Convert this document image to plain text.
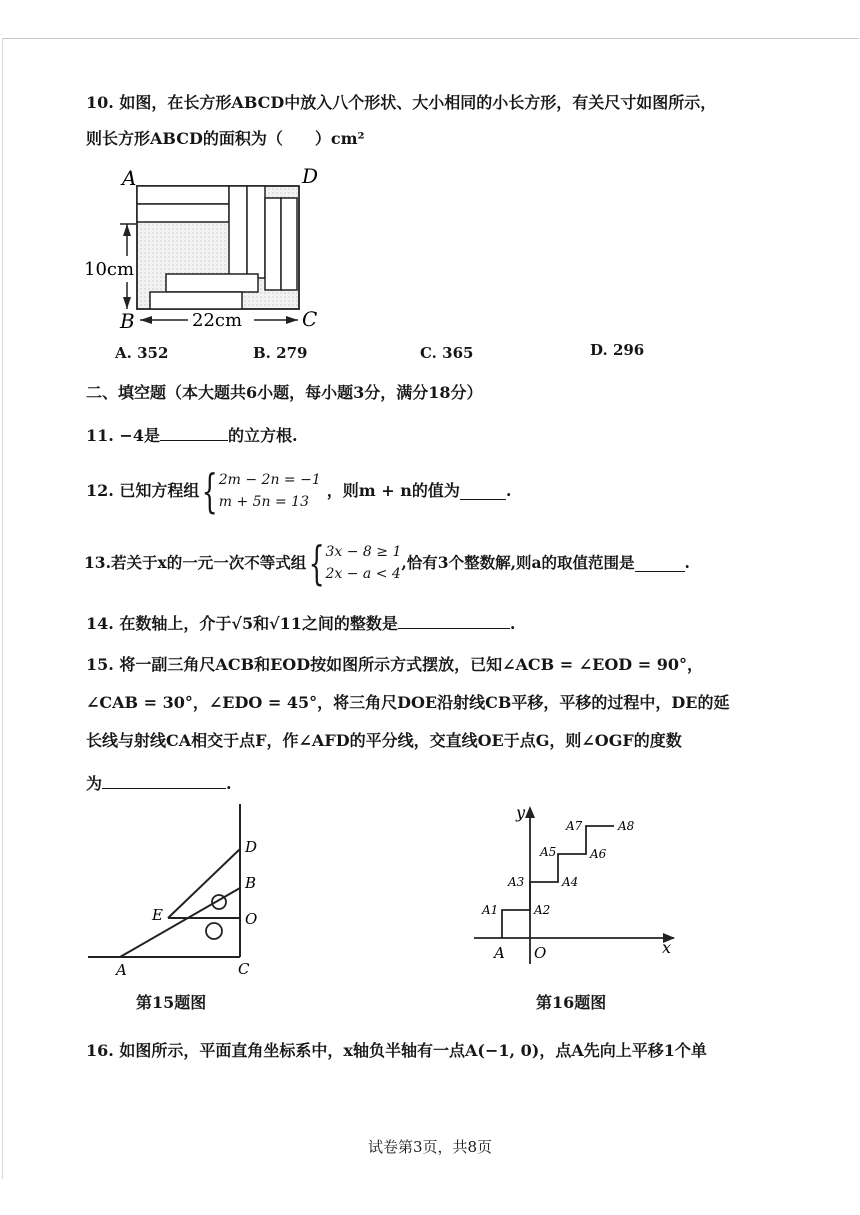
10. 如图，在长方形ABCD中放入八个形状、大小相同的小长方形，有关尺寸如图所示，
则长方形ABCD的面积为（　　）cm²
A	D
B	C
10cm
22cm
A. 352	B. 279	C. 365	D. 296
二、填空题（本大题共6小题，每小题3分，满分18分）
11. −4是	的立方根.
12. 已知方程组{ 2m − 2n = −1
m + 5n = 13
，则m + n的值为	.
13.若关于x的一元一次不等式组{ 3x − 8 ≥ 1
2x − a < 4
,恰有3个整数解,则a的取值范围是	.
14. 在数轴上，介于√5和√11之间的整数是	.
15. 将一副三角尺ACB和EOD按如图所示方式摆放，已知∠ACB = ∠EOD = 90°，
∠CAB = 30°，∠EDO = 45°，将三角尺DOE沿射线CB平移，平移的过程中，DE的延
长线与射线CA相交于点F，作∠AFD的平分线，交直线OE于点G，则∠OGF的度数
为	.
D
B
O
E
A	C
第15题图
y
x
A O
A1	A2
A3	A4
A5	A6
A7	A8
第16题图
16. 如图所示，平面直角坐标系中，x轴负半轴有一点A(−1, 0)，点A先向上平移1个单
试卷第3页，共8页
